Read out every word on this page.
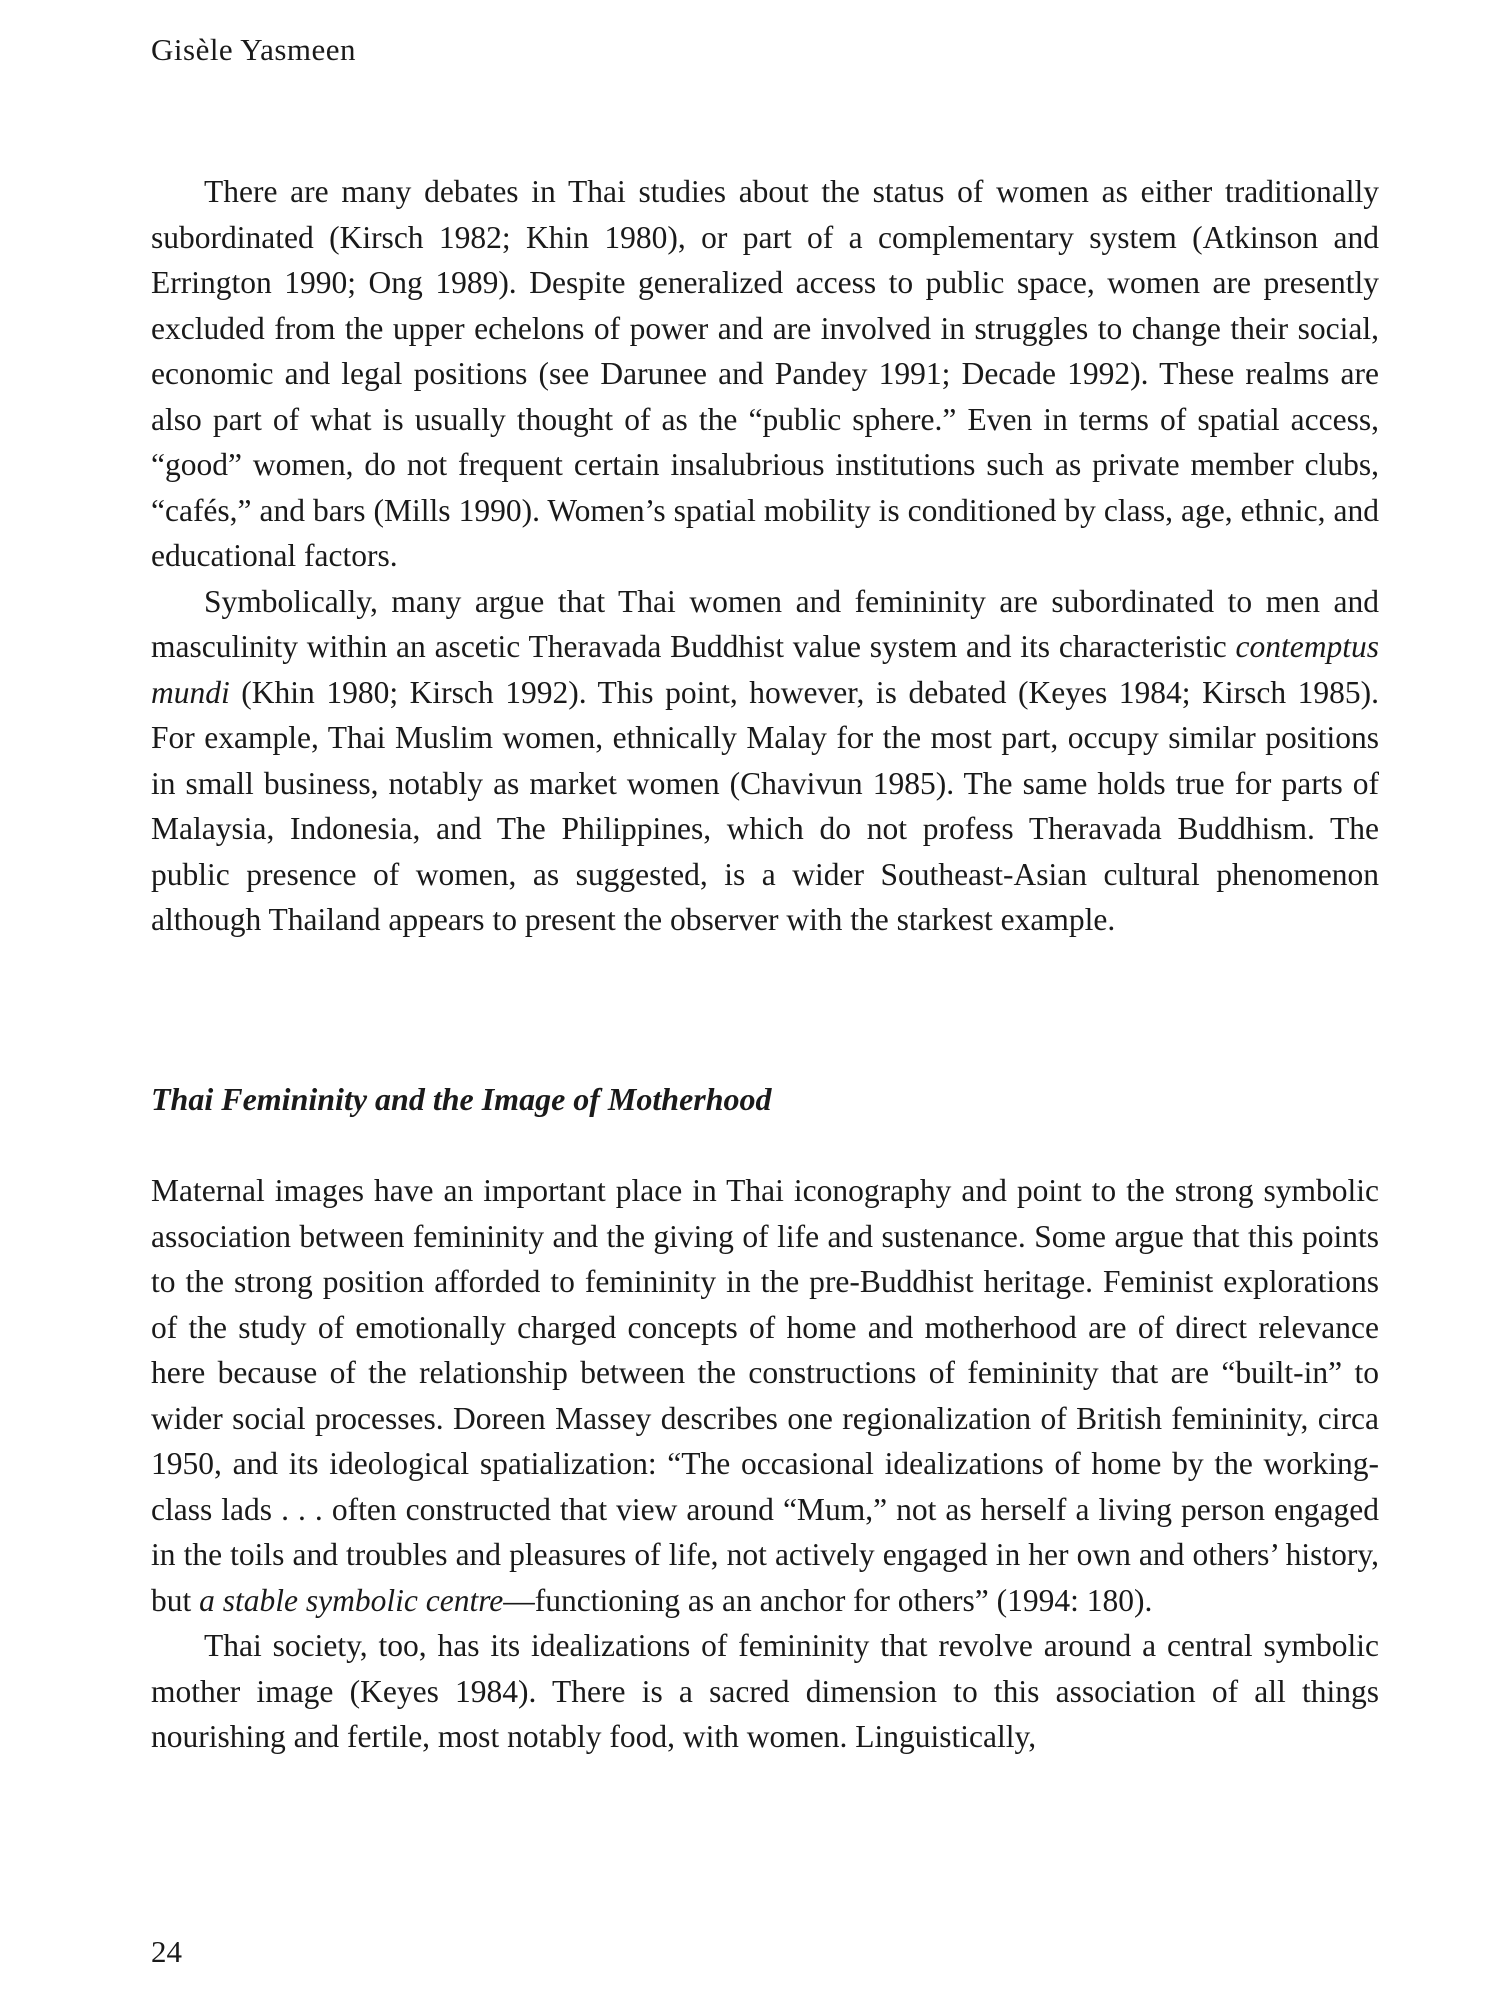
Gisèle Yasmeen

There are many debates in Thai studies about the status of women as either traditionally subordinated (Kirsch 1982; Khin 1980), or part of a complementary system (Atkinson and Errington 1990; Ong 1989). Despite generalized access to public space, women are presently excluded from the upper echelons of power and are involved in struggles to change their social, economic and legal positions (see Darunee and Pandey 1991; Decade 1992). These realms are also part of what is usually thought of as the “public sphere.” Even in terms of spatial access, “good” women, do not frequent certain insalubrious institutions such as private member clubs, “cafés,” and bars (Mills 1990). Women’s spatial mobility is conditioned by class, age, ethnic, and educational factors.

Symbolically, many argue that Thai women and femininity are subordinated to men and masculinity within an ascetic Theravada Buddhist value system and its characteristic contemptus mundi (Khin 1980; Kirsch 1992). This point, however, is debated (Keyes 1984; Kirsch 1985). For example, Thai Muslim women, ethnically Malay for the most part, occupy similar positions in small business, notably as market women (Chavivun 1985). The same holds true for parts of Malaysia, Indonesia, and The Philippines, which do not profess Theravada Buddhism. The public presence of women, as suggested, is a wider Southeast-Asian cultural phenomenon although Thailand appears to present the observer with the starkest example.

Thai Femininity and the Image of Motherhood

Maternal images have an important place in Thai iconography and point to the strong symbolic association between femininity and the giving of life and sustenance. Some argue that this points to the strong position afforded to femininity in the pre-Buddhist heritage. Feminist explorations of the study of emotionally charged concepts of home and motherhood are of direct relevance here because of the relationship between the constructions of femininity that are “built-in” to wider social processes. Doreen Massey describes one regionalization of British femininity, circa 1950, and its ideological spatialization: “The occasional idealizations of home by the working-class lads . . . often constructed that view around “Mum,” not as herself a living person engaged in the toils and troubles and pleasures of life, not actively engaged in her own and others’ history, but a stable symbolic centre—functioning as an anchor for others” (1994: 180).

Thai society, too, has its idealizations of femininity that revolve around a central symbolic mother image (Keyes 1984). There is a sacred dimension to this association of all things nourishing and fertile, most notably food, with women. Linguistically,

24
